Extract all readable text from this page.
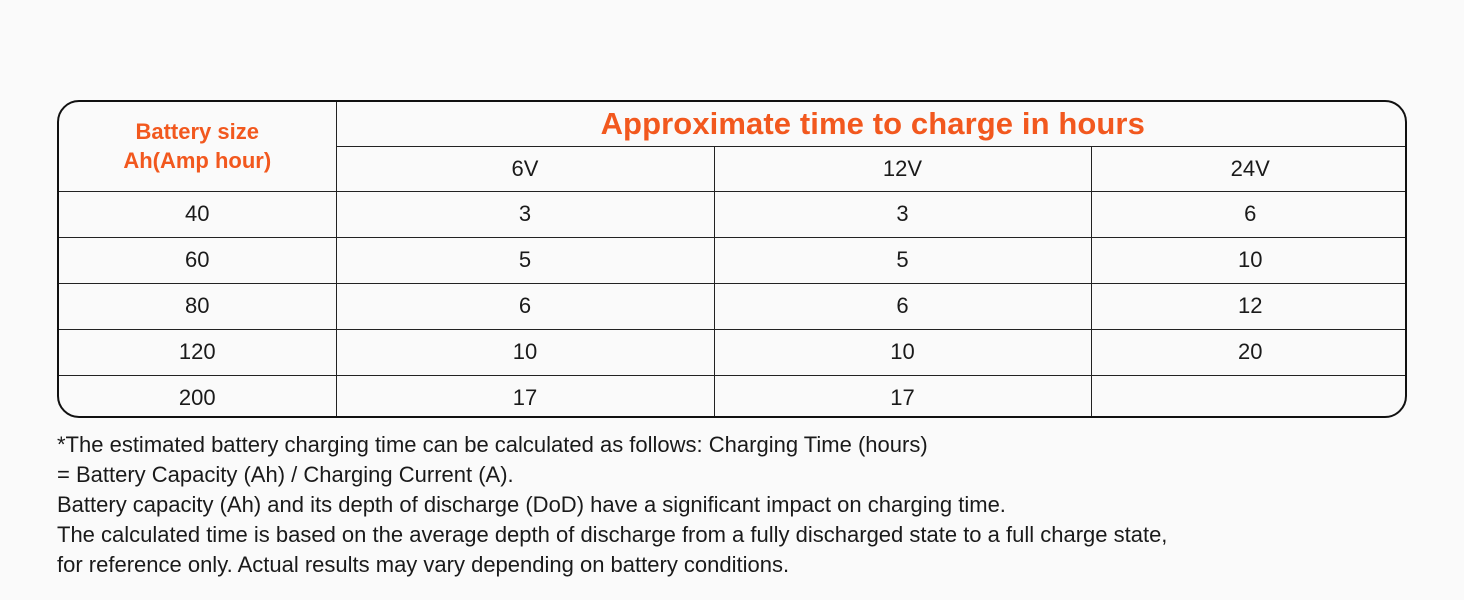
Battery size
Ah(Amp hour)	Approximate time to charge in hours		
	6V	12V	24V
40	3	3	6
60	5	5	10
80	6	6	12
120	10	10	20
200	17	17	

*The estimated battery charging time can be calculated as follows: Charging Time (hours)

= Battery Capacity (Ah) / Charging Current (A).

Battery capacity (Ah) and its depth of discharge (DoD) have a significant impact on charging time.

The calculated time is based on the average depth of discharge from a fully discharged state to a full charge state,

for reference only. Actual results may vary depending on battery conditions.
